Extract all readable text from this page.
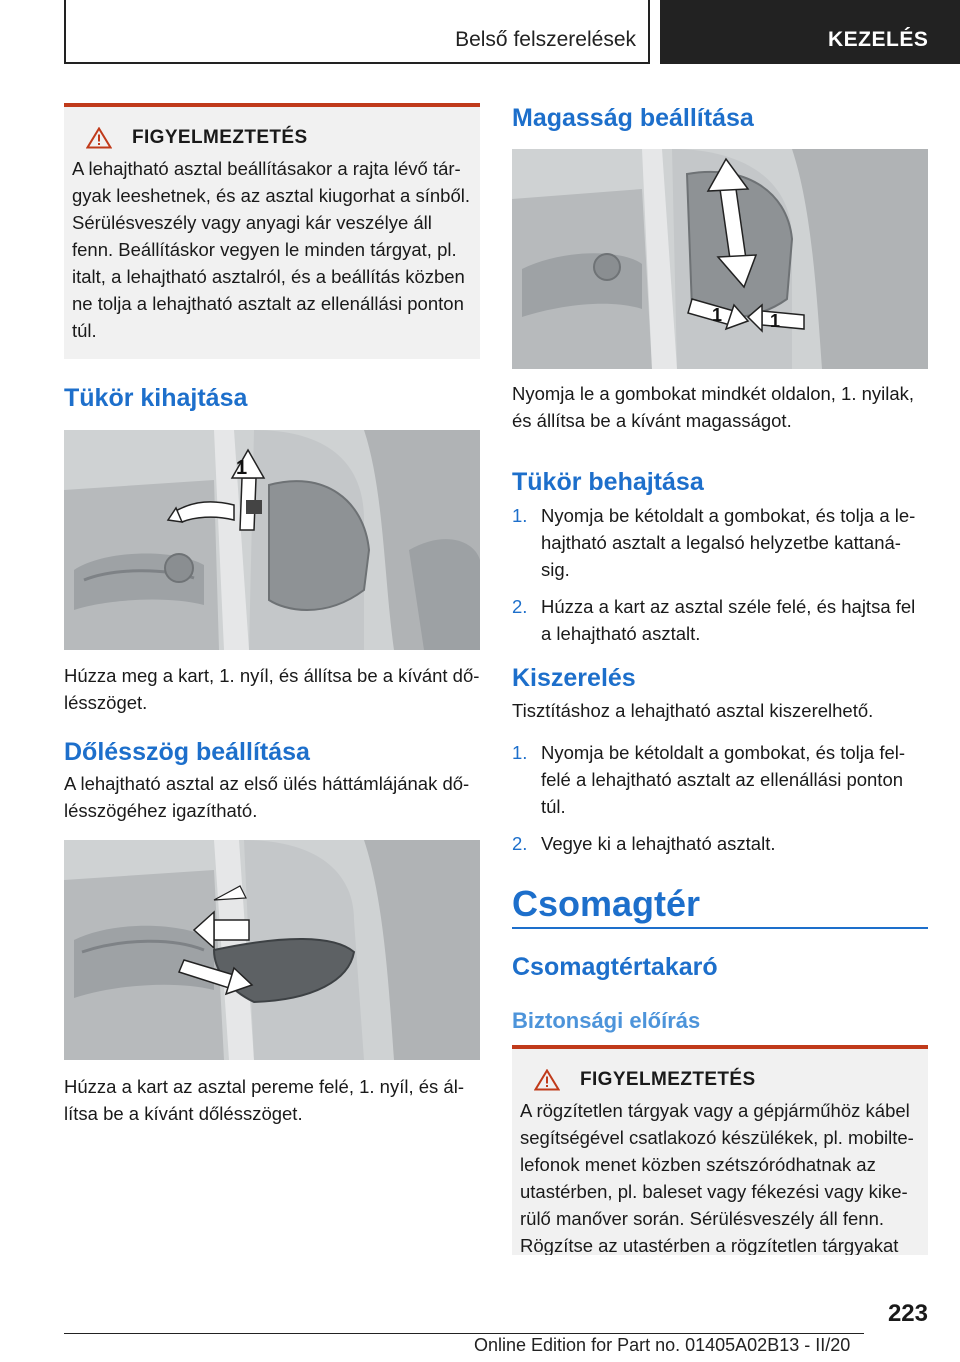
Belső felszerelések	KEZELÉS
FIGYELMEZTETÉS
A lehajtható asztal beállításakor a rajta lévő tár-
gyak leeshetnek, és az asztal kiugorhat a sínből.
Sérülésveszély vagy anyagi kár veszélye áll
fenn. Beállításkor vegyen le minden tárgyat, pl.
italt, a lehajtható asztalról, és a beállítás közben
ne tolja a lehajtható asztalt az ellenállási ponton
túl.
Tükör kihajtása
1

Húzza meg a kart, 1. nyíl, és állítsa be a kívánt dő-
lésszöget.

Dőlésszög beállítása

A lehajtható asztal az első ülés háttámlájának dő-
lésszögéhez igazítható.

Húzza a kart az asztal pereme felé, 1. nyíl, és ál-
lítsa be a kívánt dőlésszöget.

Magasság beállítása
1	1

Nyomja le a gombokat mindkét oldalon, 1. nyilak,
és állítsa be a kívánt magasságot.

Tükör behajtása
1. Nyomja be kétoldalt a gombokat, és tolja a le-
hajtható asztalt a legalsó helyzetbe kattaná-
sig.
2. Húzza a kart az asztal széle felé, és hajtsa fel
a lehajtható asztalt.
Kiszerelés

Tisztításhoz a lehajtható asztal kiszerelhető.

1. Nyomja be kétoldalt a gombokat, és tolja fel-
felé a lehajtható asztalt az ellenállási ponton
túl.
2. Vegye ki a lehajtható asztalt.
Csomagtér
Csomagtértakaró
Biztonsági előírás
FIGYELMEZTETÉS
A rögzítetlen tárgyak vagy a gépjárműhöz kábel
segítségével csatlakozó készülékek, pl. mobilte-
lefonok menet közben szétszóródhatnak az
utastérben, pl. baleset vagy fékezési vagy kike-
rülő manőver során. Sérülésveszély áll fenn.
Rögzítse az utastérben a rögzítetlen tárgyakat
223
Online Edition for Part no. 01405A02B13 - II/20
